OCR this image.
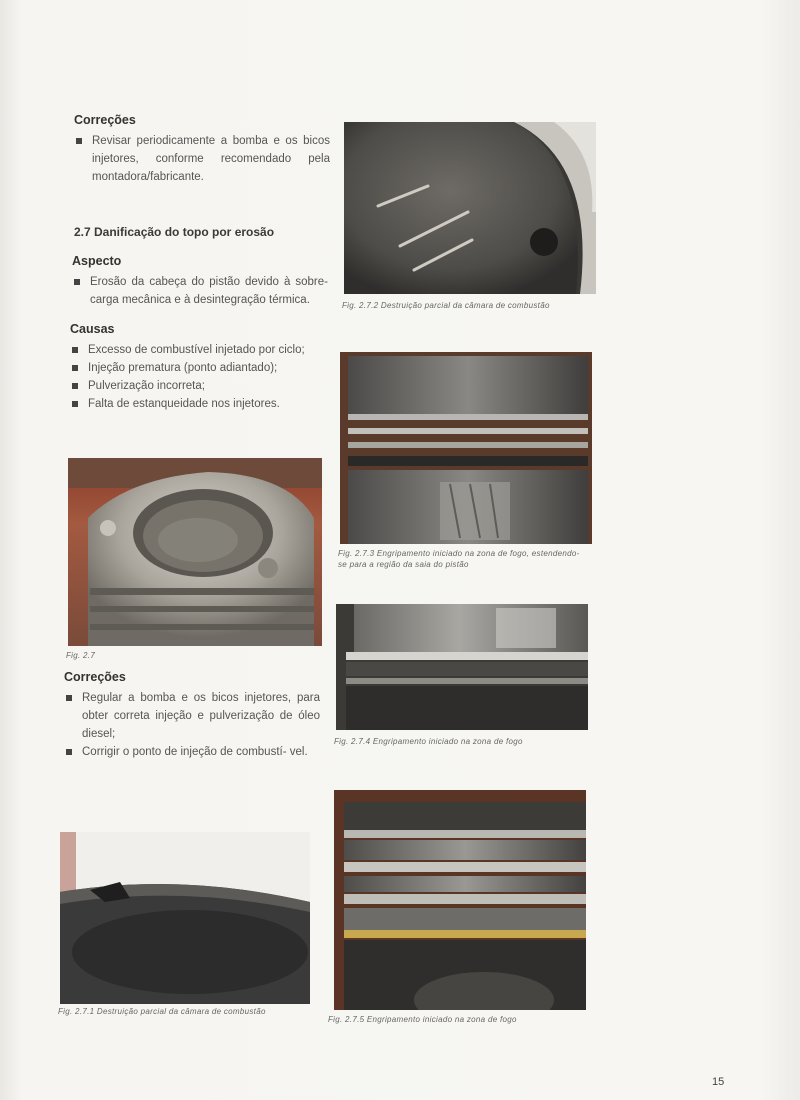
Correções
Revisar periodicamente a bomba e os bicos injetores, conforme recomendado pela montadora/fabricante.
2.7 Danificação do topo por erosão
Aspecto
Erosão da cabeça do pistão devido à sobre- carga mecânica e à desintegração térmica.
Causas
Excesso de combustível injetado por ciclo;
Injeção prematura (ponto adiantado);
Pulverização incorreta;
Falta de estanqueidade nos injetores.
Fig. 2.7
Correções
Regular a bomba e os bicos injetores, para obter correta injeção e pulverização de óleo diesel;
Corrigir o ponto de injeção de combustí- vel.
Fig. 2.7.1 Destruição parcial da câmara de combustão
Fig. 2.7.2 Destruição parcial da câmara de combustão
Fig. 2.7.3 Engripamento iniciado na zona de fogo, estendendo-se para a região da saia do pistão
Fig. 2.7.4 Engripamento iniciado na zona de fogo
Fig. 2.7.5 Engripamento iniciado na zona de fogo
15
